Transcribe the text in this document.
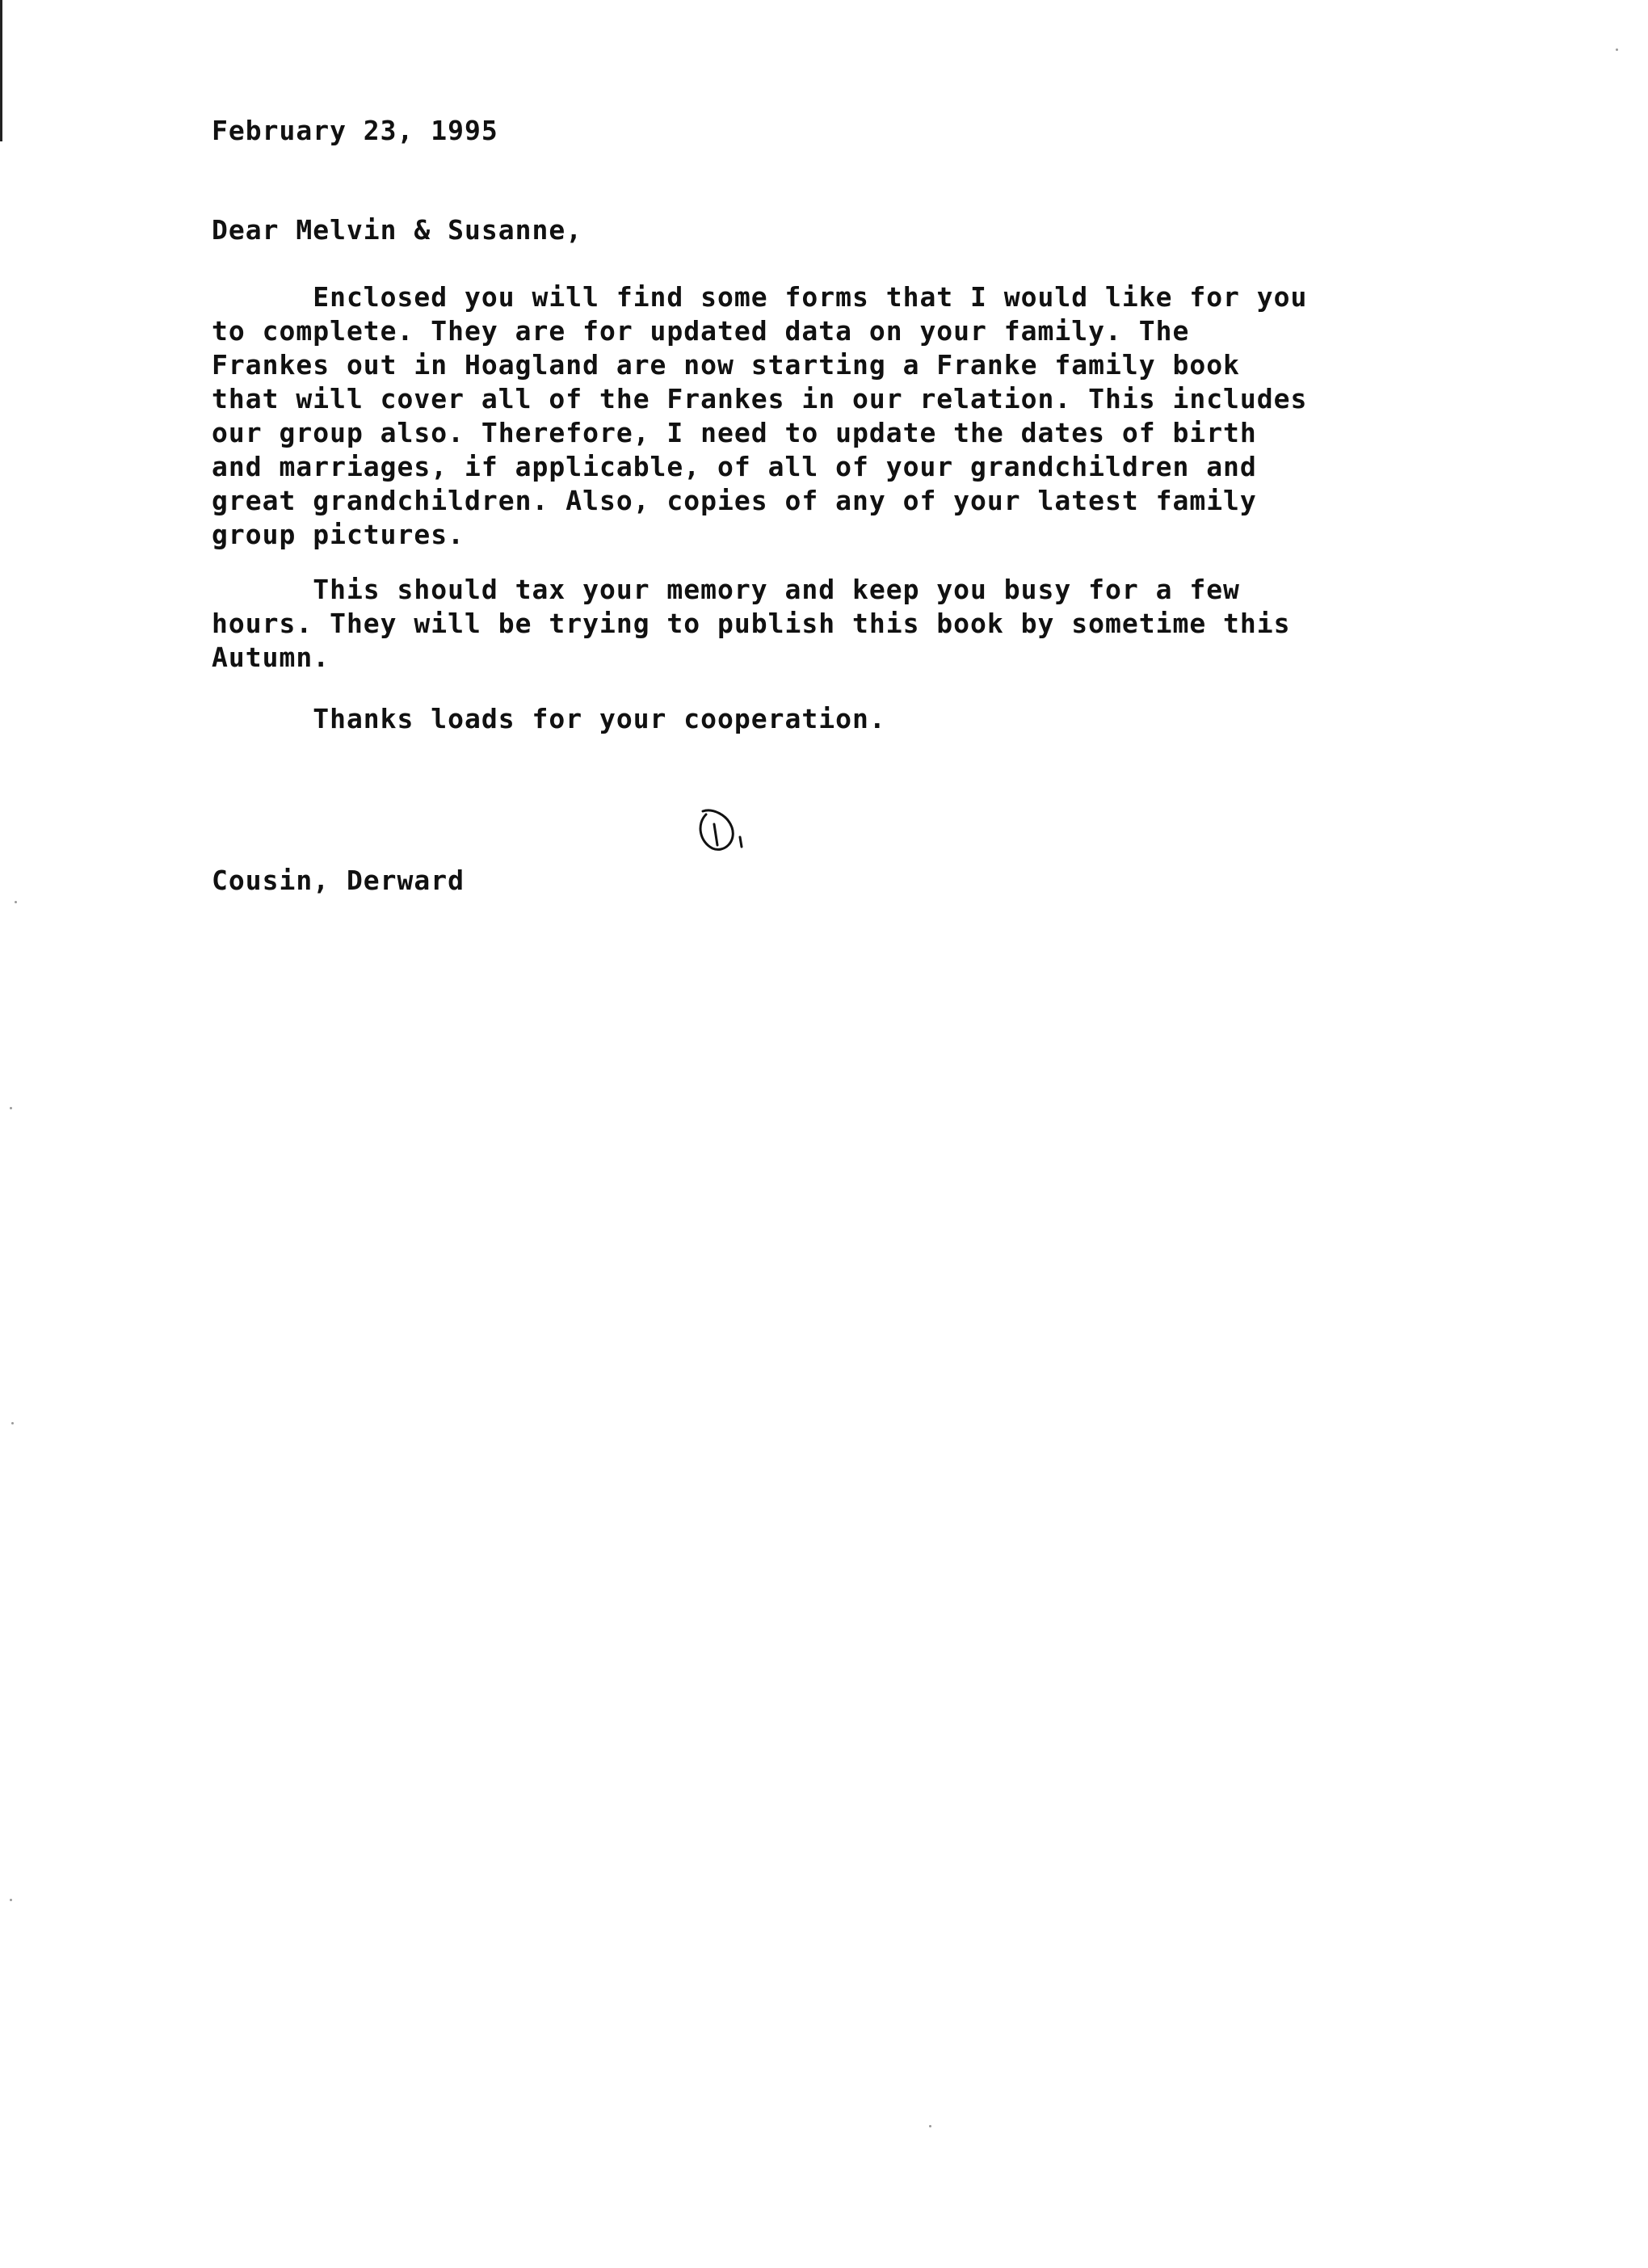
February 23, 1995
Dear Melvin & Susanne,
Enclosed you will find some forms that I would like for you
to complete. They are for updated data on your family. The
Frankes out in Hoagland are now starting a Franke family book
that will cover all of the Frankes in our relation. This includes
our group also. Therefore, I need to update the dates of birth
and marriages, if applicable, of all of your grandchildren and
great grandchildren. Also, copies of any of your latest family
group pictures.
This should tax your memory and keep you busy for a few
hours. They will be trying to publish this book by sometime this
Autumn.
Thanks loads for your cooperation.
Cousin, Derward
